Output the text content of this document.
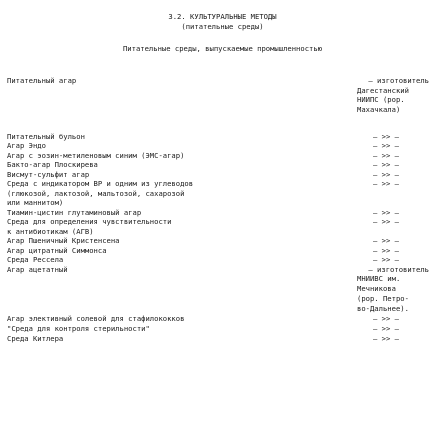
3.2. КУЛЬТУРАЛЬНЫЕ МЕТОДЫ
(питательные среды)
Питательные среды, выпускаемые промышленностью
Питательный агар	– изготовитель
Дагестанский
НИИПС (рор.
Махачкала)
Питательный бульон	– >> –
Агар Эндо	– >> –
Агар с эозин-метиленовым синим (ЭМС-агар)	– >> –
Бакто-агар Плоскирева	– >> –
Висмут-сульфит агар	– >> –
Среда с индикатором ВР и одним из углеводов	– >> –
(глюкозой, лактозой, мальтозой, сахарозой
или маннитом)
Тиамин-цистин глутаминовый агар	– >> –
Среда для определения чувствительности	– >> –
к антибиотикам (АГВ)
Агар Пшеничный Кристенсена	– >> –
Агар цитратный Симмонса	– >> –
Среда Рессела	– >> –
Агар ацетатный	– изготовитель
МНИИВС им.
Мечникова
(рор. Петро-
во-Дальнее).
Агар элективный солевой для стафилококков	– >> –
"Среда для контроля стерильности"	– >> –
Среда Китлера	– >> –
